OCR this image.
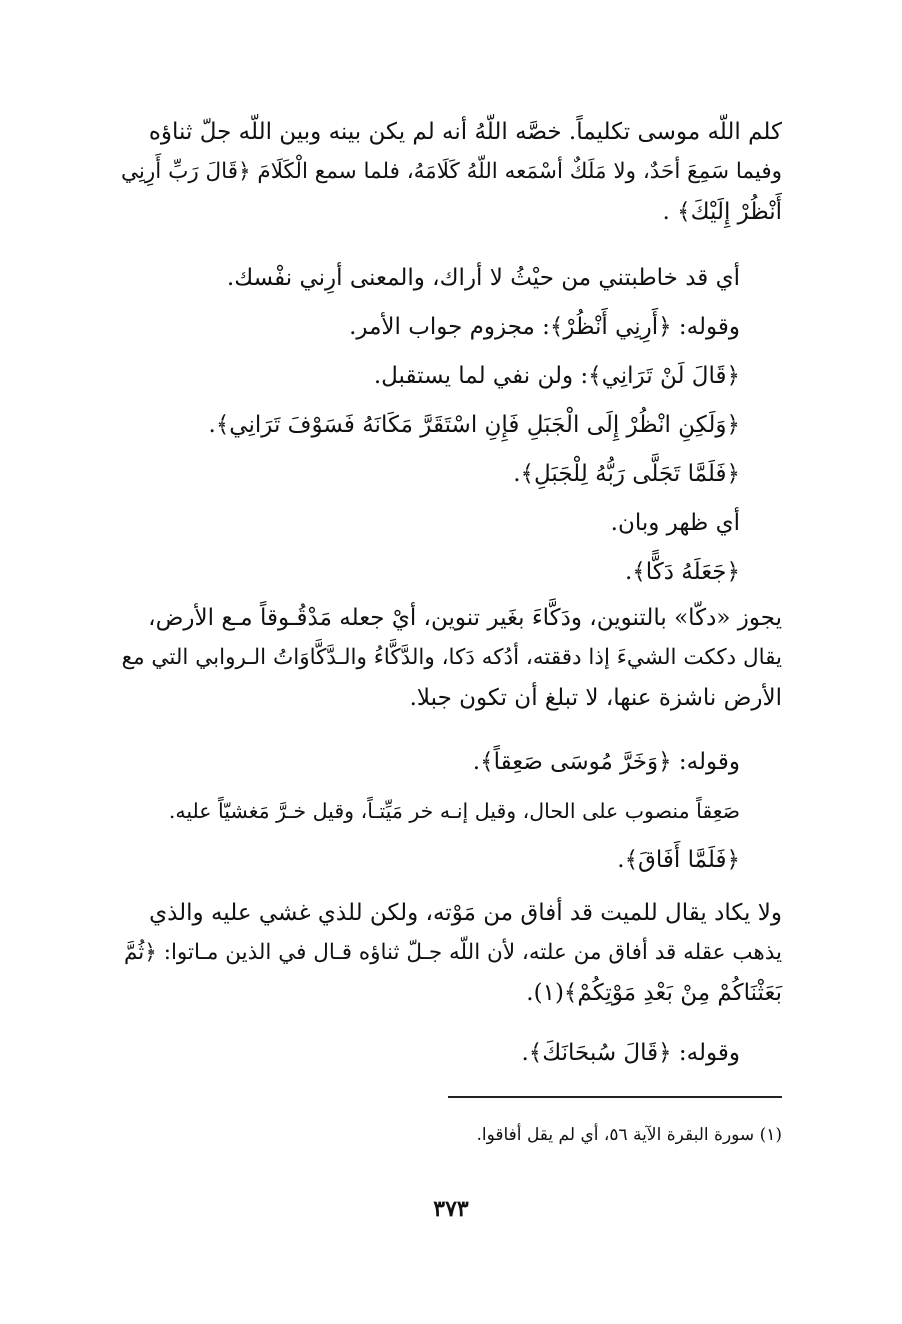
كلم اللّه موسى تكليماً. خصَّه اللّهُ أنه لم يكن بينه وبين اللّه جلّ ثناؤه
وفيما سَمِعَ أحَدٌ، ولا مَلَكٌ أسْمَعه اللّهُ كَلَامَهُ، فلما سمع الْكَلَامَ ﴿قَالَ رَبِّ أَرِنِي
أَنْظُرْ إِلَيْكَ﴾ .
أي قد خاطبتني من حيْثُ لا أراك، والمعنى أرِني نفْسك.
وقوله: ﴿أَرِنِي أَنْظُرْ﴾: مجزوم جواب الأمر.
﴿قَالَ لَنْ تَرَانِي﴾: ولن نفي لما يستقبل.
﴿وَلَكِنِ انْظُرْ إِلَى الْجَبَلِ فَإِنِ اسْتَقَرَّ مَكَانَهُ فَسَوْفَ تَرَانِي﴾.
﴿فَلَمَّا تَجَلَّى رَبُّهُ لِلْجَبَلِ﴾.
أي ظهر وبان.
﴿جَعَلَهُ دَكًّا﴾.
يجوز «دكّا» بالتنوين، ودَكَّاءَ بغَير تنوين، أيْ جعله مَدْقُـوقاً مـع الأرض،
يقال دككت الشيءَ إذا دققته، أدُكه دَكا، والدَّكَّاءُ والـدَّكَّاوَاتُ الـروابي التي مع
الأرض ناشزة عنها، لا تبلغ أن تكون جبلا.
وقوله: ﴿وَخَرَّ مُوسَى صَعِقاً﴾.
صَعِقاً منصوب على الحال، وقيل إنـه خر مَيِّتـاً، وقيل خـرَّ مَغشيّاً عليه.
﴿فَلَمَّا أَفَاقَ﴾.
ولا يكاد يقال للميت قد أفاق من مَوْته، ولكن للذي غشي عليه والذي
يذهب عقله قد أفاق من علته، لأن اللّه جـلّ ثناؤه قـال في الذين مـاتوا: ﴿ثُمَّ
بَعَثْنَاكُمْ مِنْ بَعْدِ مَوْتِكُمْ﴾(١).
وقوله: ﴿قَالَ سُبحَانَكَ﴾.
(١) سورة البقرة الآية ٥٦، أي لم يقل أفاقوا.
٣٧٣
